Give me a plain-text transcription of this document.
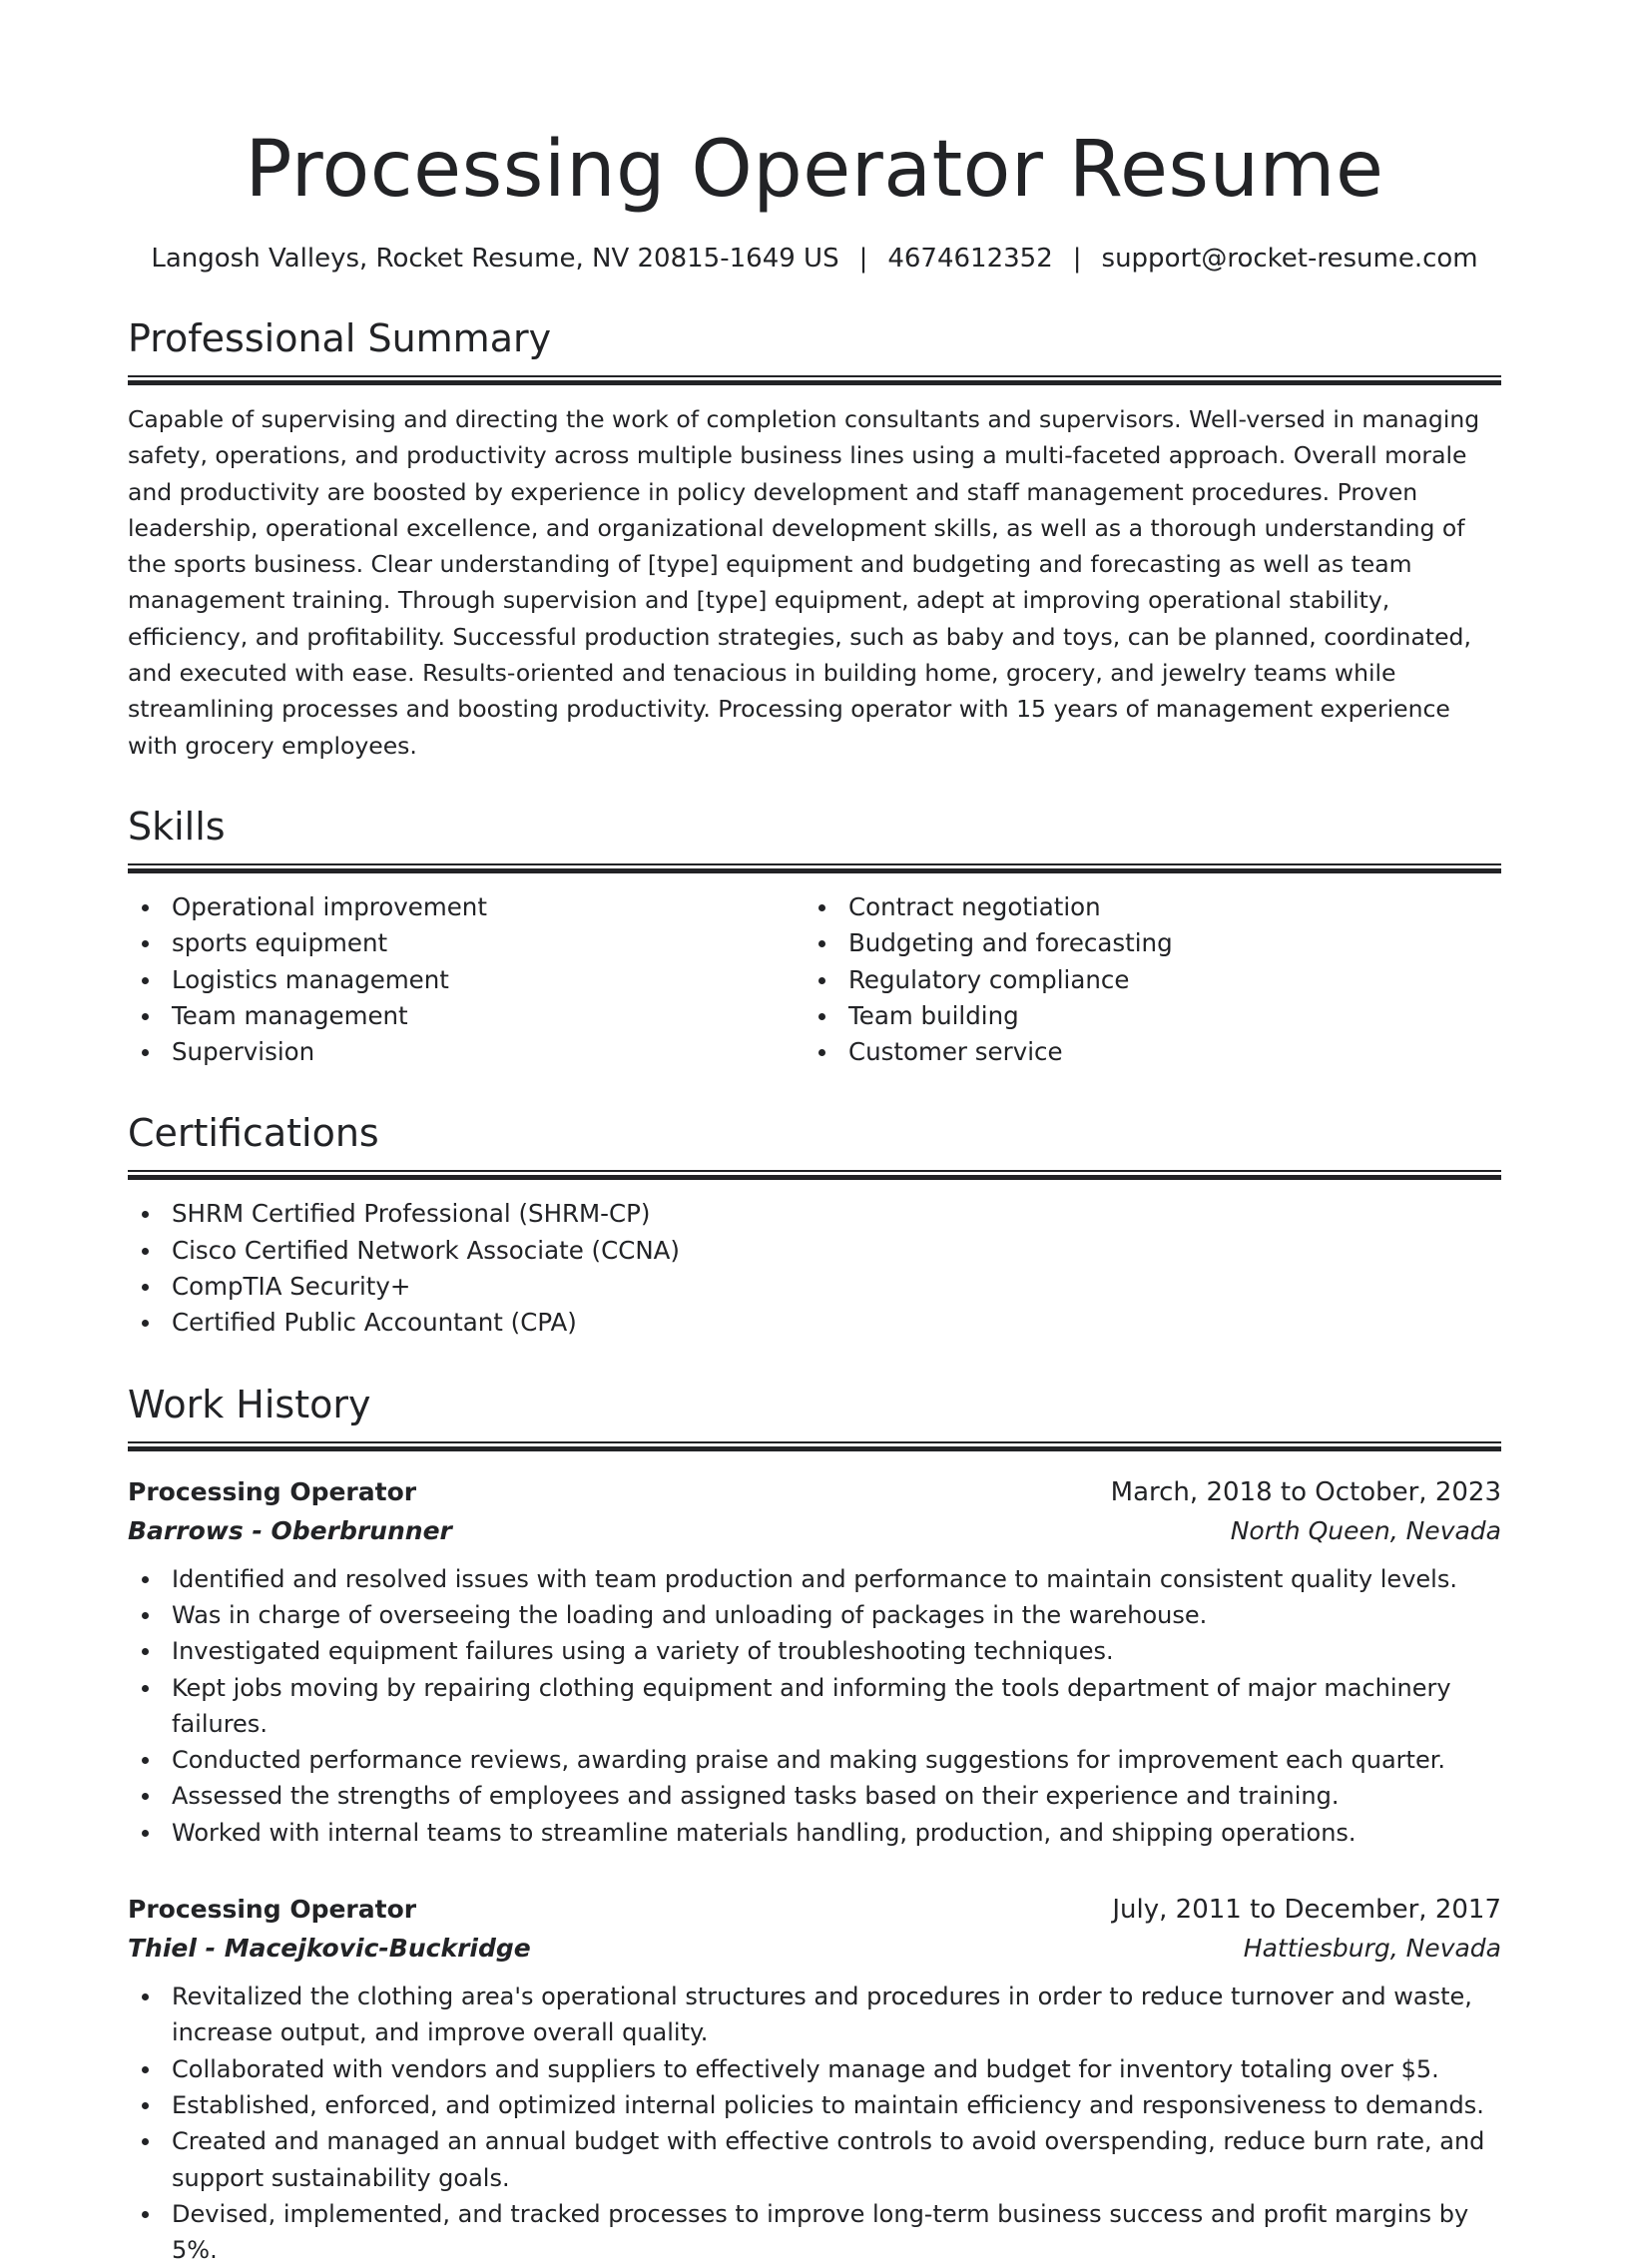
Processing Operator Resume
Langosh Valleys, Rocket Resume, NV 20815-1649 US | 4674612352 | support@rocket-resume.com
Professional Summary

Capable of supervising and directing the work of completion consultants and supervisors. Well-versed in managing safety, operations, and productivity across multiple business lines using a multi-faceted approach. Overall morale and productivity are boosted by experience in policy development and staff management procedures. Proven leadership, operational excellence, and organizational development skills, as well as a thorough understanding of the sports business. Clear understanding of [type] equipment and budgeting and forecasting as well as team management training. Through supervision and [type] equipment, adept at improving operational stability, efficiency, and profitability. Successful production strategies, such as baby and toys, can be planned, coordinated, and executed with ease. Results-oriented and tenacious in building home, grocery, and jewelry teams while streamlining processes and boosting productivity. Processing operator with 15 years of management experience with grocery employees.

Skills
Operational improvement
sports equipment
Logistics management
Team management
Supervision
Contract negotiation
Budgeting and forecasting
Regulatory compliance
Team building
Customer service
Certifications
SHRM Certified Professional (SHRM-CP)
Cisco Certified Network Associate (CCNA)
CompTIA Security+
Certified Public Accountant (CPA)
Work History
Processing Operator	March, 2018 to October, 2023
Barrows - Oberbrunner	North Queen, Nevada
Identified and resolved issues with team production and performance to maintain consistent quality levels.
Was in charge of overseeing the loading and unloading of packages in the warehouse.
Investigated equipment failures using a variety of troubleshooting techniques.
Kept jobs moving by repairing clothing equipment and informing the tools department of major machinery failures.
Conducted performance reviews, awarding praise and making suggestions for improvement each quarter.
Assessed the strengths of employees and assigned tasks based on their experience and training.
Worked with internal teams to streamline materials handling, production, and shipping operations.
Processing Operator	July, 2011 to December, 2017
Thiel - Macejkovic-Buckridge	Hattiesburg, Nevada
Revitalized the clothing area's operational structures and procedures in order to reduce turnover and waste, increase output, and improve overall quality.
Collaborated with vendors and suppliers to effectively manage and budget for inventory totaling over $5.
Established, enforced, and optimized internal policies to maintain efficiency and responsiveness to demands.
Created and managed an annual budget with effective controls to avoid overspending, reduce burn rate, and support sustainability goals.
Devised, implemented, and tracked processes to improve long-term business success and profit margins by 5%.
